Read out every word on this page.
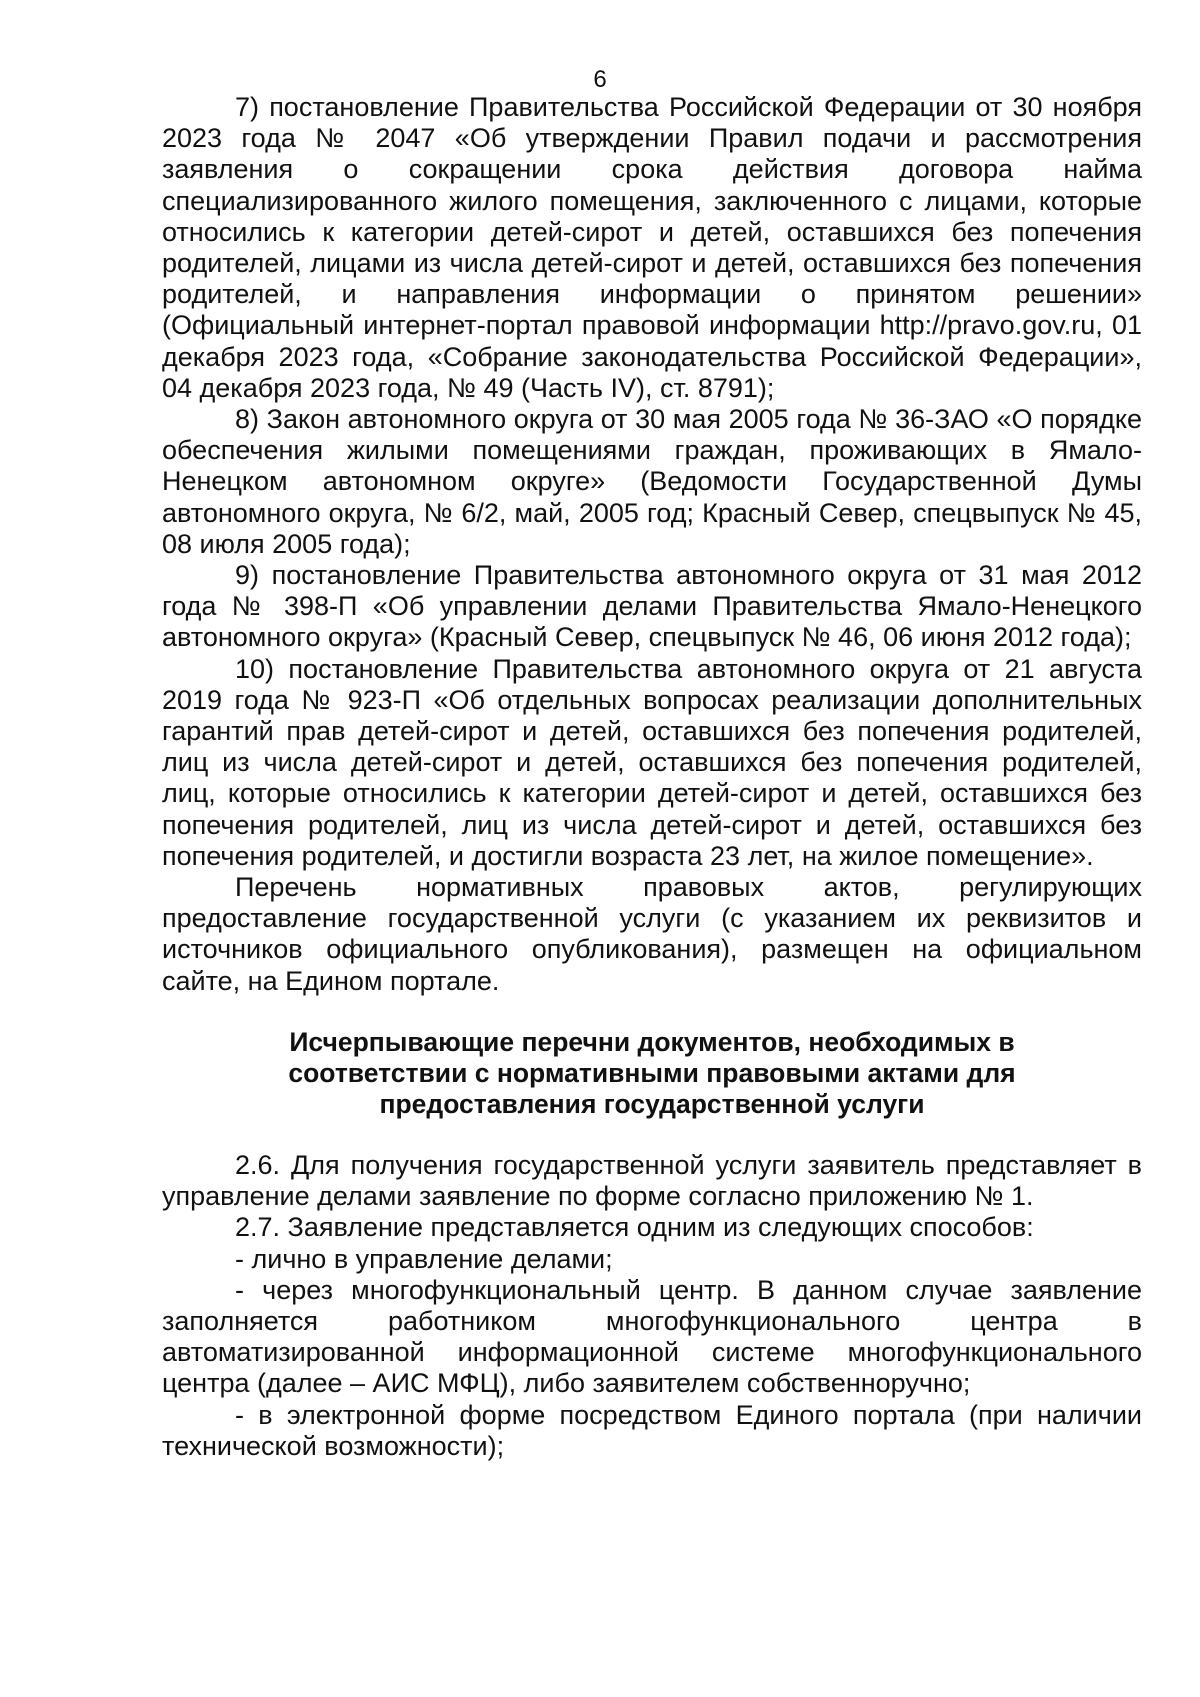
6

7) постановление Правительства Российской Федерации от 30 ноября 2023 года № 2047 «Об утверждении Правил подачи и рассмотрения заявления о сокращении срока действия договора найма специализированного жилого помещения, заключенного с лицами, которые относились к категории детей-сирот и детей, оставшихся без попечения родителей, лицами из числа детей-сирот и детей, оставшихся без попечения родителей, и направления информации о принятом решении» (Официальный интернет-портал правовой информации http://pravo.gov.ru, 01 декабря 2023 года, «Собрание законодательства Российской Федерации», 04 декабря 2023 года, № 49 (Часть IV), ст. 8791);

8) Закон автономного округа от 30 мая 2005 года № 36-ЗАО «О порядке обеспечения жилыми помещениями граждан, проживающих в Ямало-Ненецком автономном округе» (Ведомости Государственной Думы автономного округа, № 6/2, май, 2005 год; Красный Север, спецвыпуск № 45, 08 июля 2005 года);

9) постановление Правительства автономного округа от 31 мая 2012 года № 398-П «Об управлении делами Правительства Ямало-Ненецкого автономного округа» (Красный Север, спецвыпуск № 46, 06 июня 2012 года);

10) постановление Правительства автономного округа от 21 августа 2019 года № 923-П «Об отдельных вопросах реализации дополнительных гарантий прав детей-сирот и детей, оставшихся без попечения родителей, лиц из числа детей-сирот и детей, оставшихся без попечения родителей, лиц, которые относились к категории детей-сирот и детей, оставшихся без попечения родителей, лиц из числа детей-сирот и детей, оставшихся без попечения родителей, и достигли возраста 23 лет, на жилое помещение».

Перечень нормативных правовых актов, регулирующих предоставление государственной услуги (с указанием их реквизитов и источников официального опубликования), размещен на официальном сайте, на Едином портале.

Исчерпывающие перечни документов, необходимых в соответствии с нормативными правовыми актами для предоставления государственной услуги

2.6. Для получения государственной услуги заявитель представляет в управление делами заявление по форме согласно приложению № 1.

2.7. Заявление представляется одним из следующих способов:

- лично в управление делами;

- через многофункциональный центр. В данном случае заявление заполняется работником многофункционального центра в автоматизированной информационной системе многофункционального центра (далее – АИС МФЦ), либо заявителем собственноручно;

- в электронной форме посредством Единого портала (при наличии технической возможности);
